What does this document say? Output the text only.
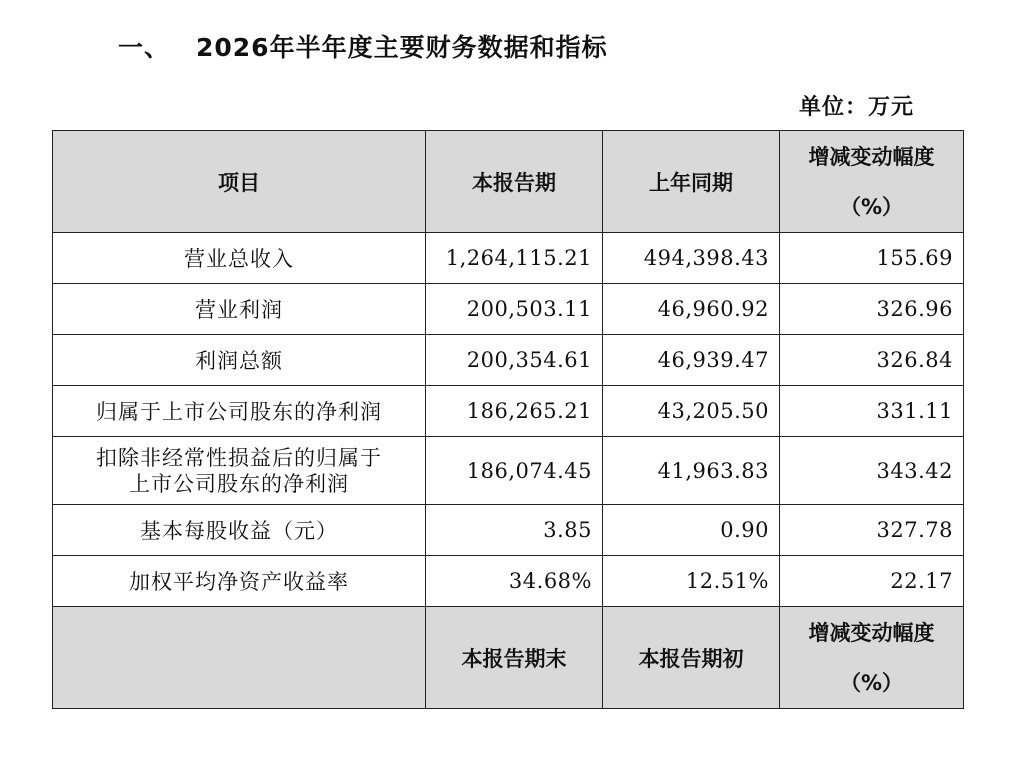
一、 2026年半年度主要财务数据和指标
单位：万元
项目	本报告期	上年同期	增减变动幅度
（%）

营业总收入	1,264,115.21	494,398.43	155.69
营业利润	200,503.11	46,960.92	326.96
利润总额	200,354.61	46,939.47	326.84
归属于上市公司股东的净利润	186,265.21	43,205.50	331.11

扣除非经常性损益后的归属于
上市公司股东的净利润	186,074.45	41,963.83	343.42
基本每股收益（元）	3.85	0.90	327.78
加权平均净资产收益率	34.68%	12.51%	22.17
	本报告期末	本报告期初	增减变动幅度
（%）
